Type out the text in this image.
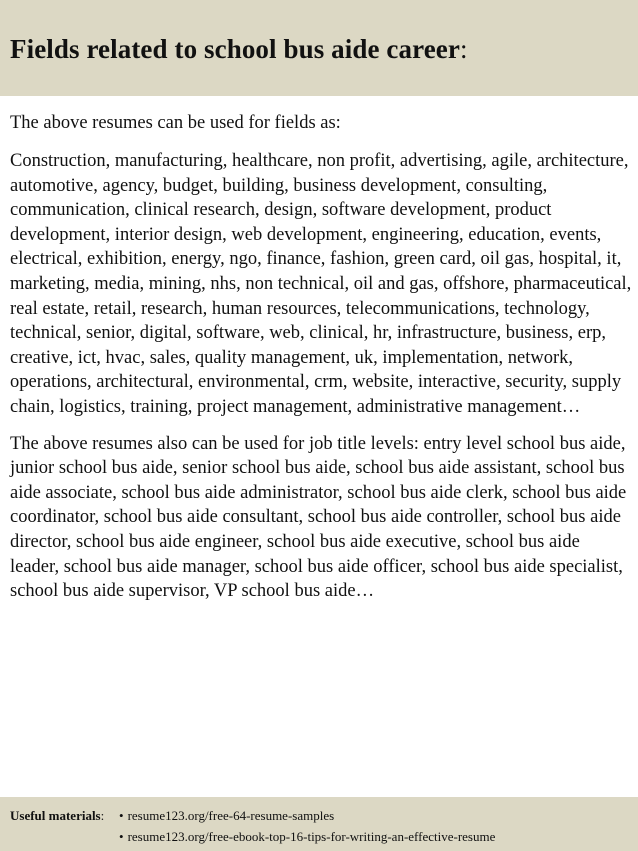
Fields related to school bus aide career:

The above resumes can be used for fields as:

Construction, manufacturing, healthcare, non profit, advertising, agile, architecture, automotive, agency, budget, building, business development, consulting, communication, clinical research, design, software development, product development, interior design, web development, engineering, education, events, electrical, exhibition, energy, ngo, finance, fashion, green card, oil gas, hospital, it, marketing, media, mining, nhs, non technical, oil and gas, offshore, pharmaceutical, real estate, retail, research, human resources, telecommunications, technology, technical, senior, digital, software, web, clinical, hr, infrastructure, business, erp, creative, ict, hvac, sales, quality management, uk, implementation, network, operations, architectural, environmental, crm, website, interactive, security, supply chain, logistics, training, project management, administrative management…

The above resumes also can be used for job title levels: entry level school bus aide, junior school bus aide, senior school bus aide, school bus aide assistant, school bus aide associate, school bus aide administrator, school bus aide clerk, school bus aide coordinator, school bus aide consultant, school bus aide controller, school bus aide director, school bus aide engineer, school bus aide executive, school bus aide leader, school bus aide manager, school bus aide officer, school bus aide specialist, school bus aide supervisor, VP school bus aide…

Useful materials:	• resume123.org/free-64-resume-samples
• resume123.org/free-ebook-top-16-tips-for-writing-an-effective-resume
